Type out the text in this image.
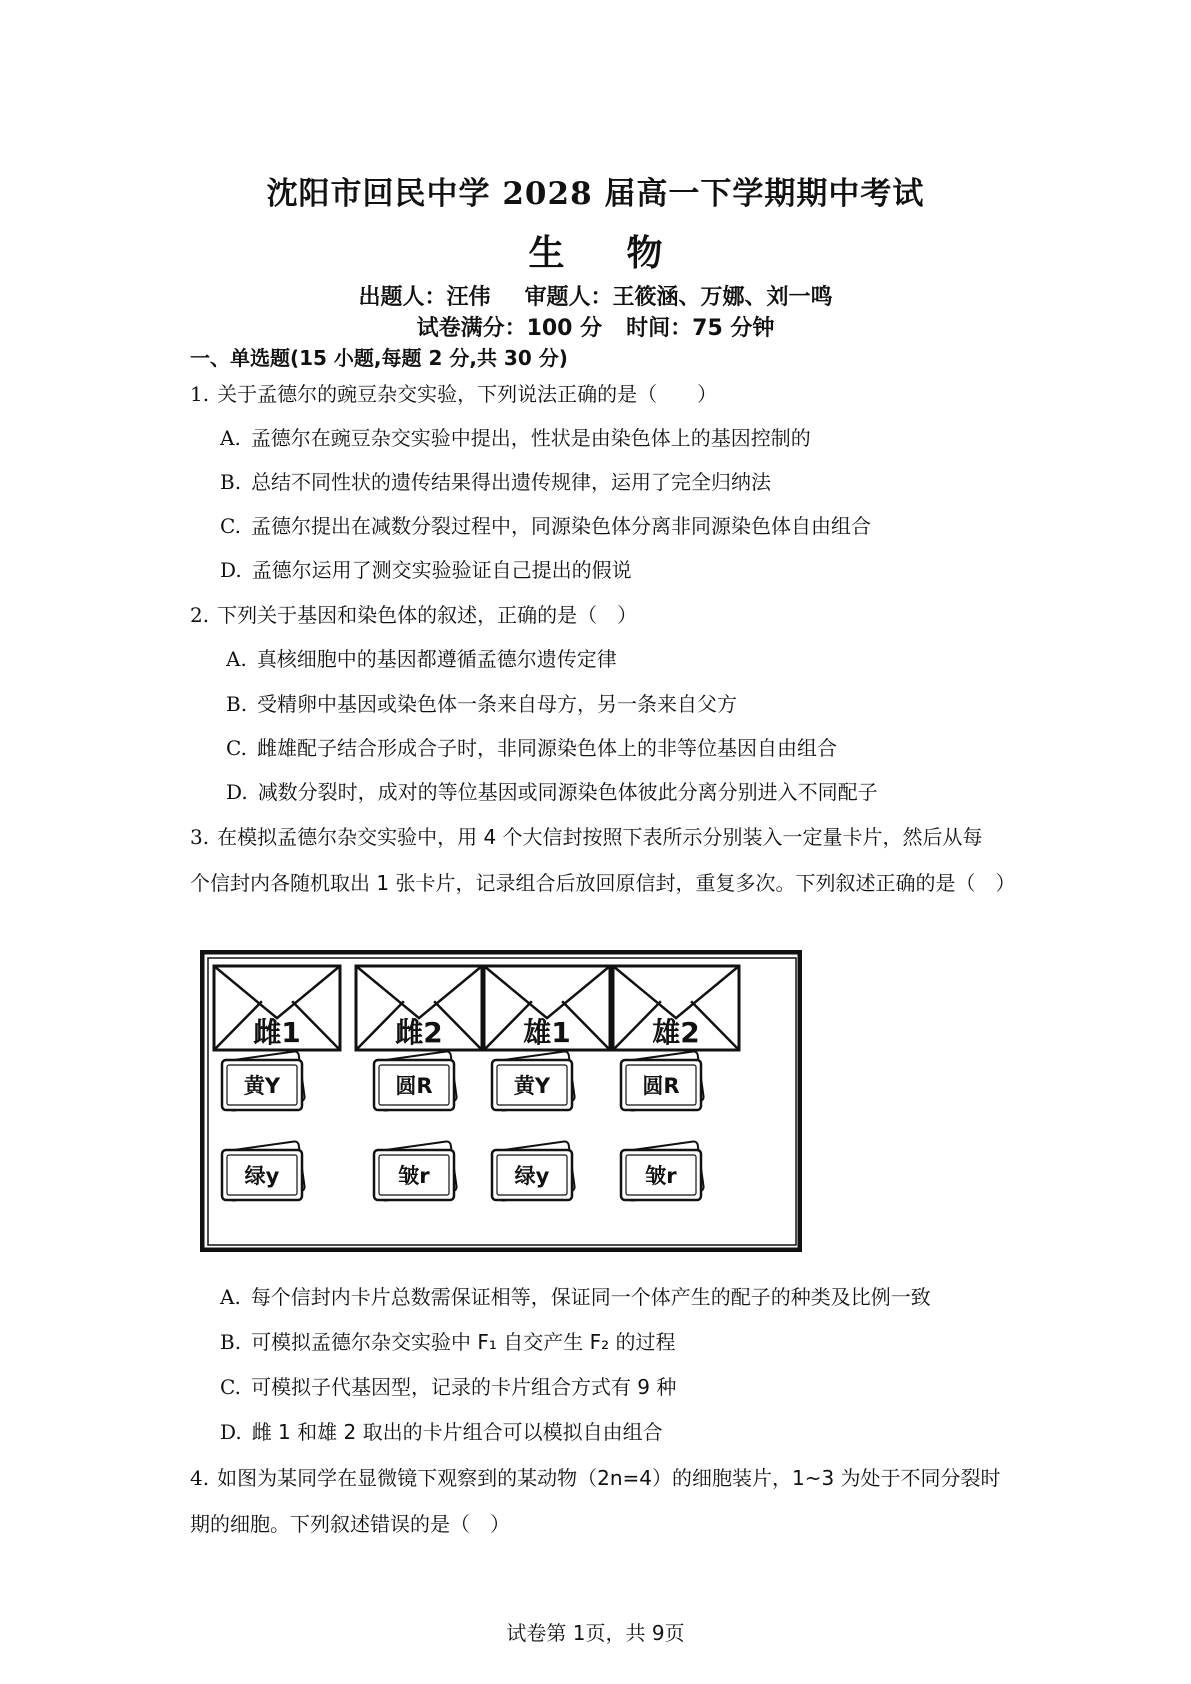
沈阳市回民中学 2028 届高一下学期期中考试
生 物
出题人：汪伟 审题人：王筱涵、万娜、刘一鸣
试卷满分：100 分 时间：75 分钟
一、单选题(15 小题,每题 2 分,共 30 分)
1. 关于孟德尔的豌豆杂交实验，下列说法正确的是（　　）
A. 孟德尔在豌豆杂交实验中提出，性状是由染色体上的基因控制的
B. 总结不同性状的遗传结果得出遗传规律，运用了完全归纳法
C. 孟德尔提出在减数分裂过程中，同源染色体分离非同源染色体自由组合
D. 孟德尔运用了测交实验验证自己提出的假说
2. 下列关于基因和染色体的叙述，正确的是（　）
A. 真核细胞中的基因都遵循孟德尔遗传定律
B. 受精卵中基因或染色体一条来自母方，另一条来自父方
C. 雌雄配子结合形成合子时，非同源染色体上的非等位基因自由组合
D. 减数分裂时，成对的等位基因或同源染色体彼此分离分别进入不同配子
3. 在模拟孟德尔杂交实验中，用 4 个大信封按照下表所示分别装入一定量卡片，然后从每
个信封内各随机取出 1 张卡片，记录组合后放回原信封，重复多次。下列叙述正确的是（　）
雌1
黄Y
绿y
雌2
圆R
皱r
雄1
黄Y
绿y
雄2
圆R
皱r
A. 每个信封内卡片总数需保证相等，保证同一个体产生的配子的种类及比例一致
B. 可模拟孟德尔杂交实验中 F₁ 自交产生 F₂ 的过程
C. 可模拟子代基因型，记录的卡片组合方式有 9 种
D. 雌 1 和雄 2 取出的卡片组合可以模拟自由组合
4. 如图为某同学在显微镜下观察到的某动物（2n=4）的细胞装片，1~3 为处于不同分裂时
期的细胞。下列叙述错误的是（　）
试卷第 1页，共 9页
